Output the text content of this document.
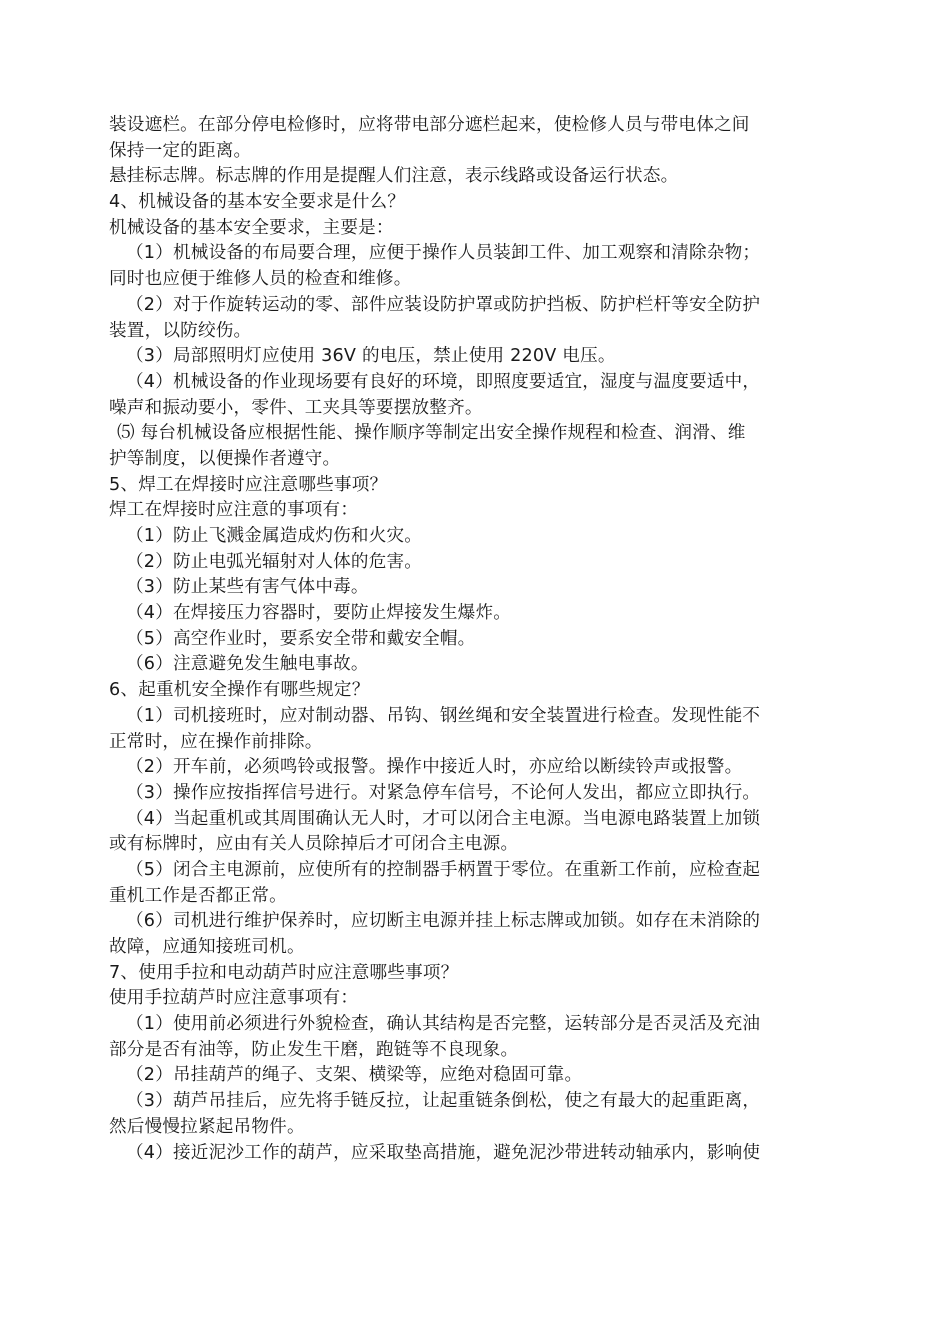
装设遮栏。在部分停电检修时，应将带电部分遮栏起来，使检修人员与带电体之间
保持一定的距离。
悬挂标志牌。标志牌的作用是提醒人们注意，表示线路或设备运行状态。
4、机械设备的基本安全要求是什么？
机械设备的基本安全要求，主要是：
（1）机械设备的布局要合理，应便于操作人员装卸工件、加工观察和清除杂物；
同时也应便于维修人员的检查和维修。
（2）对于作旋转运动的零、部件应装设防护罩或防护挡板、防护栏杆等安全防护
装置，以防绞伤。
（3）局部照明灯应使用 36V 的电压，禁止使用 220V 电压。
（4）机械设备的作业现场要有良好的环境，即照度要适宜，湿度与温度要适中，
噪声和振动要小，零件、工夹具等要摆放整齐。
⑸ 每台机械设备应根据性能、操作顺序等制定出安全操作规程和检查、润滑、维
护等制度，以便操作者遵守。
5、焊工在焊接时应注意哪些事项？
焊工在焊接时应注意的事项有：
（1）防止飞溅金属造成灼伤和火灾。
（2）防止电弧光辐射对人体的危害。
（3）防止某些有害气体中毒。
（4）在焊接压力容器时，要防止焊接发生爆炸。
（5）高空作业时，要系安全带和戴安全帽。
（6）注意避免发生触电事故。
6、起重机安全操作有哪些规定？
（1）司机接班时，应对制动器、吊钩、钢丝绳和安全装置进行检查。发现性能不
正常时，应在操作前排除。
（2）开车前，必须鸣铃或报警。操作中接近人时，亦应给以断续铃声或报警。
（3）操作应按指挥信号进行。对紧急停车信号，不论何人发出，都应立即执行。
（4）当起重机或其周围确认无人时，才可以闭合主电源。当电源电路装置上加锁
或有标牌时，应由有关人员除掉后才可闭合主电源。
（5）闭合主电源前，应使所有的控制器手柄置于零位。在重新工作前，应检查起
重机工作是否都正常。
（6）司机进行维护保养时，应切断主电源并挂上标志牌或加锁。如存在未消除的
故障，应通知接班司机。
7、使用手拉和电动葫芦时应注意哪些事项？
使用手拉葫芦时应注意事项有：
（1）使用前必须进行外貌检查，确认其结构是否完整，运转部分是否灵活及充油
部分是否有油等，防止发生干磨，跑链等不良现象。
（2）吊挂葫芦的绳子、支架、横梁等，应绝对稳固可靠。
（3）葫芦吊挂后，应先将手链反拉，让起重链条倒松，使之有最大的起重距离，
然后慢慢拉紧起吊物件。
（4）接近泥沙工作的葫芦，应采取垫高措施，避免泥沙带进转动轴承内，影响使
